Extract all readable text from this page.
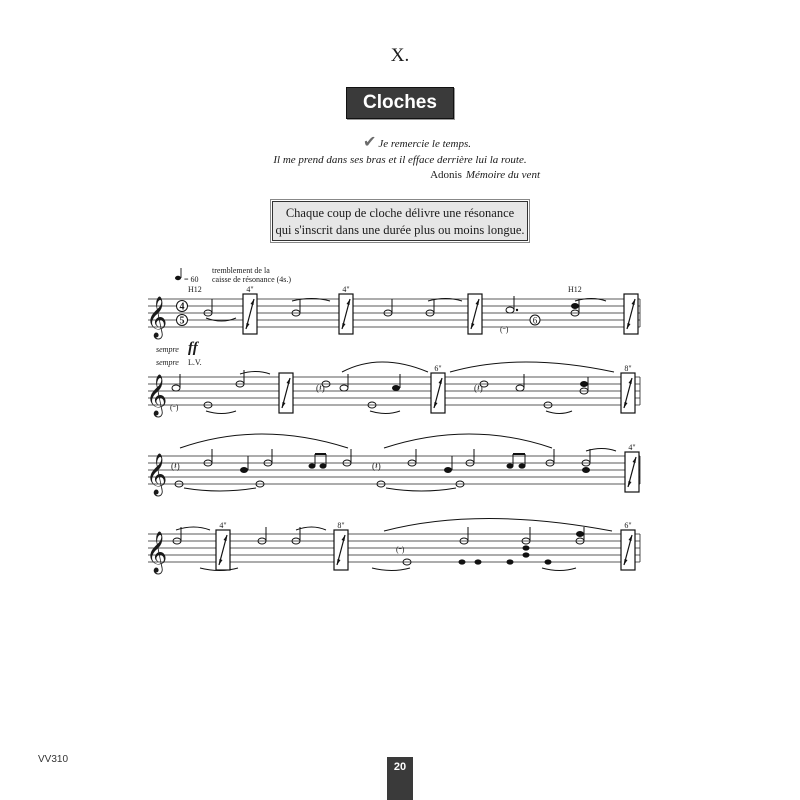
X.
Cloches
✔ Je remercie le temps.
Il me prend dans ses bras et il efface derrière lui la route.
Adonis Mémoire du vent
Chaque coup de cloche délivre une résonance
qui s'inscrit dans une durée plus ou moins longue.
𝄞
= 60
H12
tremblement de la
caisse de résonance (4s.)
4
5
sempre ff
sempre L.V.
(𝄼)
6
H12
4"	4"
𝄞 (𝄼)
(𝄽)	(𝄽)
6"	8"
𝄞 (𝄽)	(𝄽)
4"
𝄞	(𝄼)
4"	8"	6"
VV310
20
